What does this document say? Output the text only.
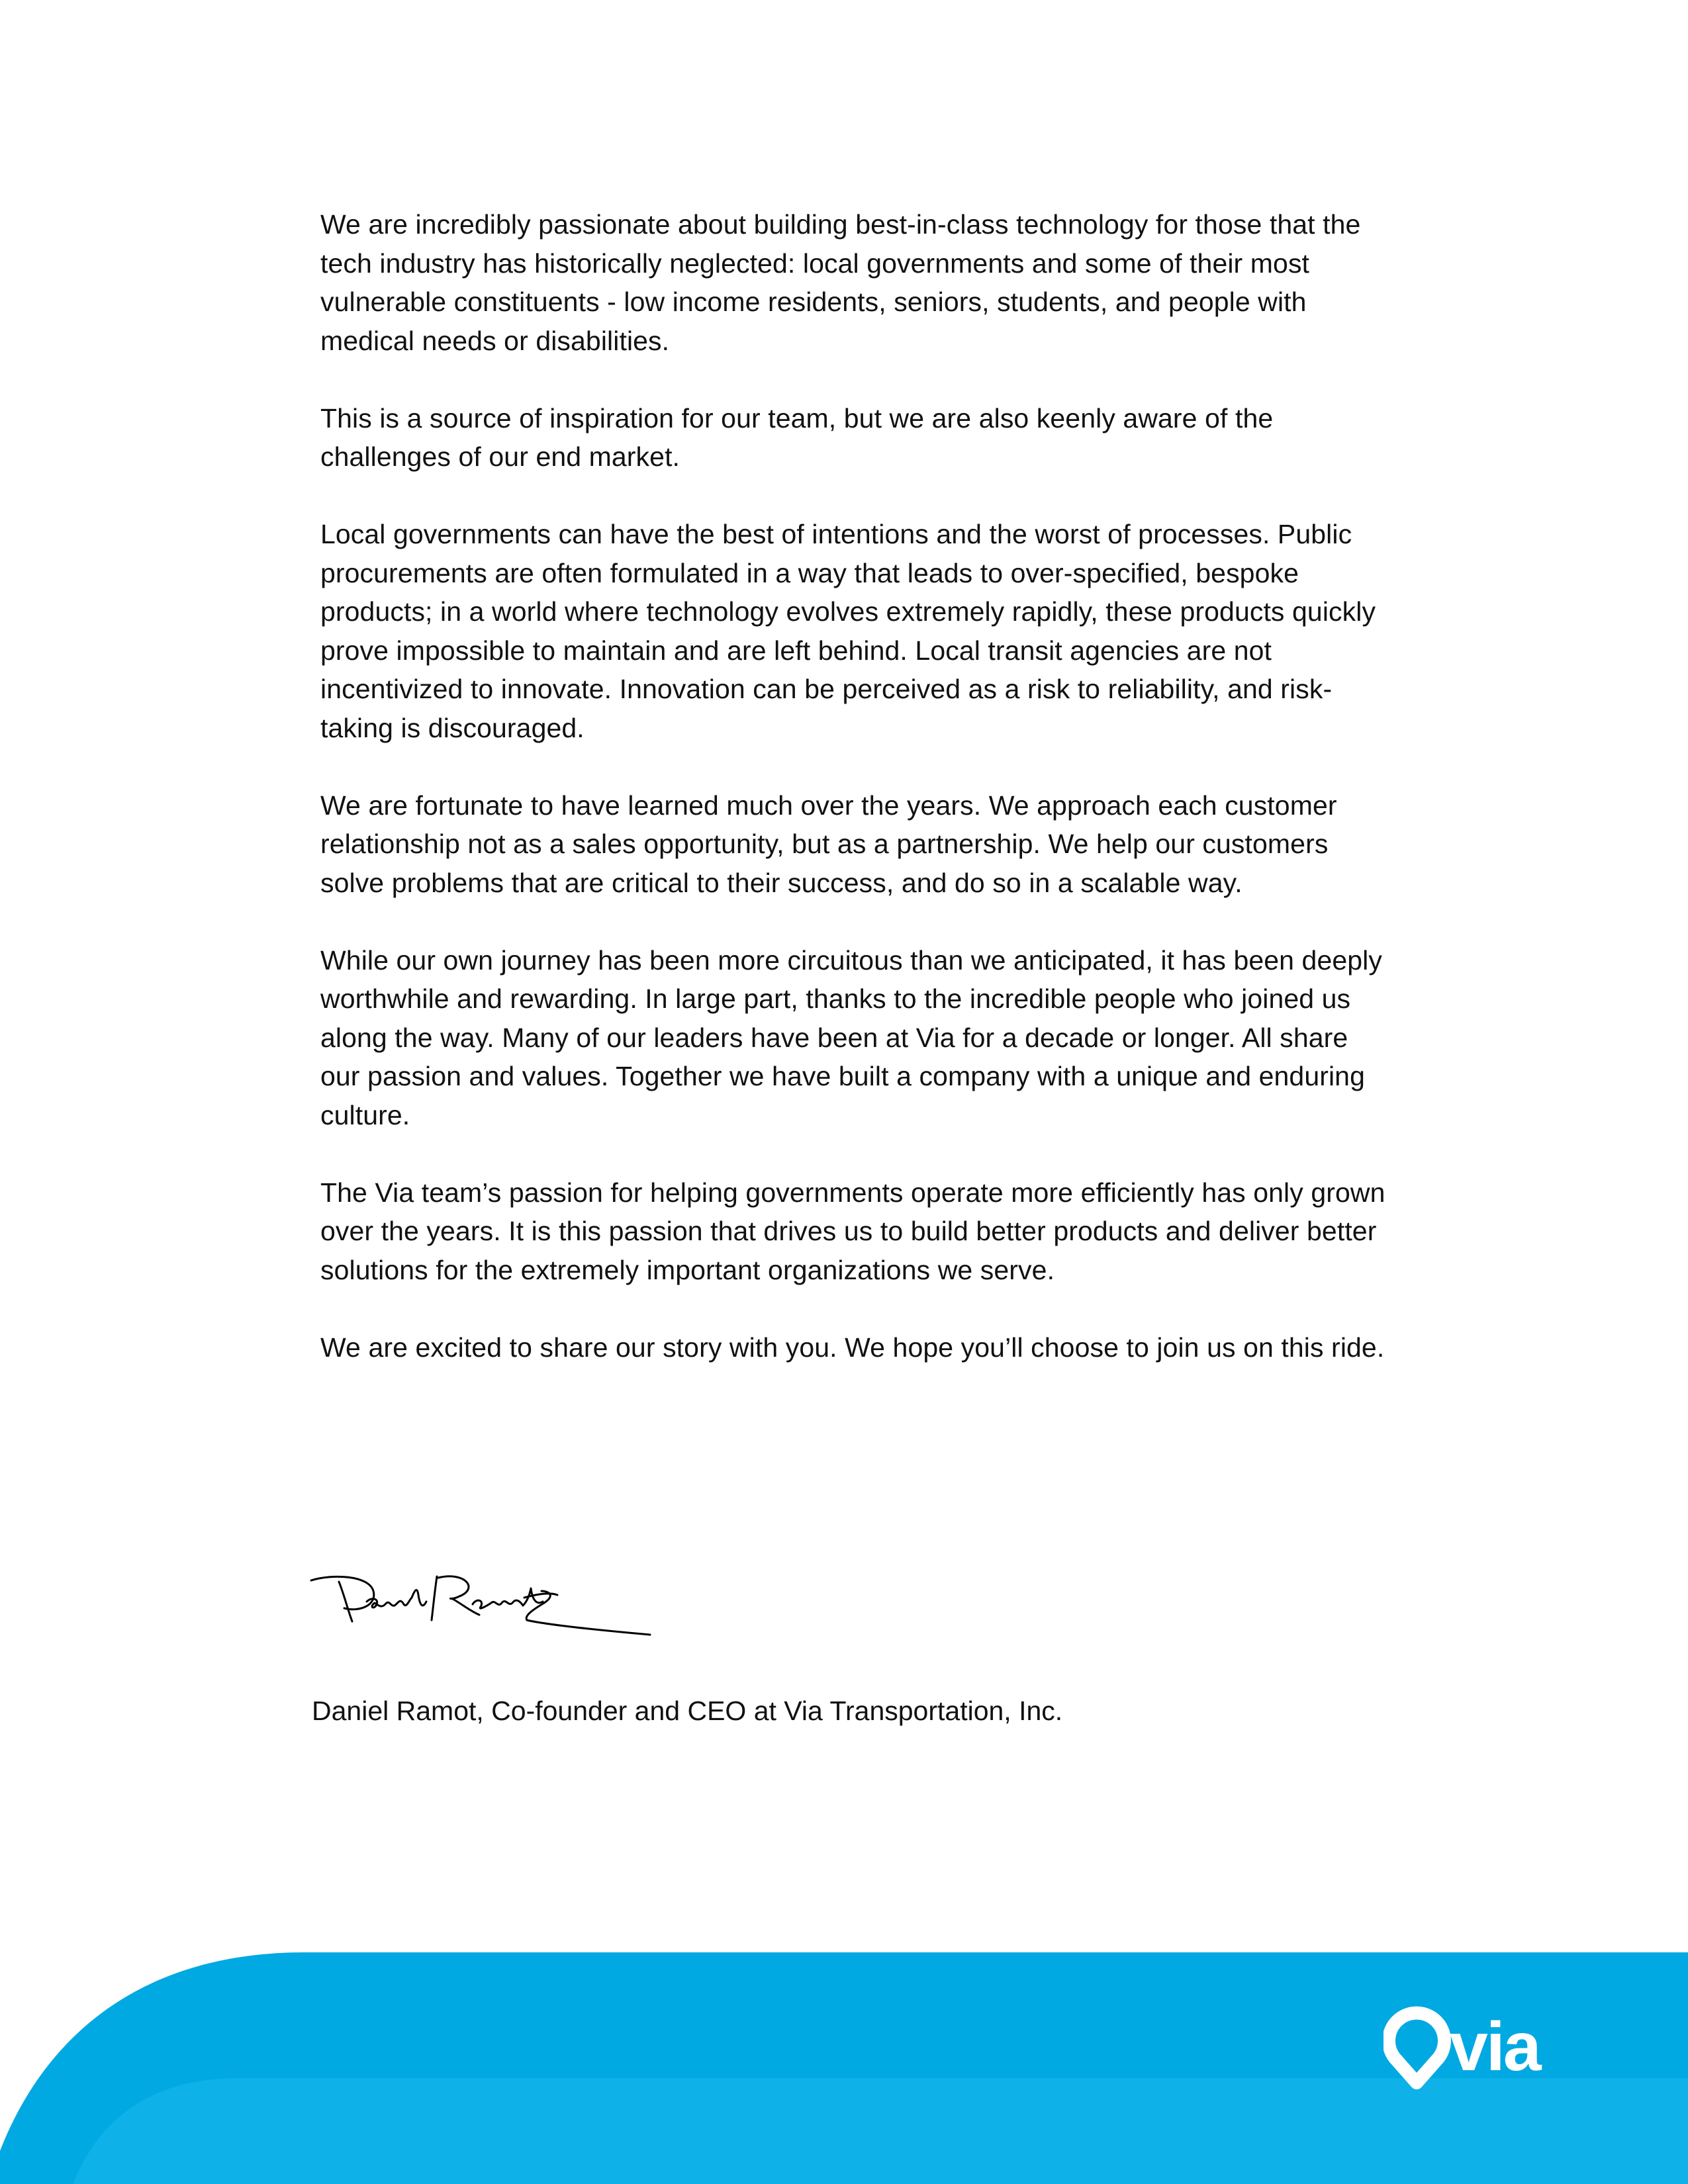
We are incredibly passionate about building best-in-class technology for those that the tech industry has historically neglected: local governments and some of their most vulnerable constituents - low income residents, seniors, students, and people with medical needs or disabilities.

This is a source of inspiration for our team, but we are also keenly aware of the challenges of our end market.

Local governments can have the best of intentions and the worst of processes. Public procurements are often formulated in a way that leads to over-specified, bespoke products; in a world where technology evolves extremely rapidly, these products quickly prove impossible to maintain and are left behind. Local transit agencies are not incentivized to innovate. Innovation can be perceived as a risk to reliability, and risk-taking is discouraged.

We are fortunate to have learned much over the years. We approach each customer relationship not as a sales opportunity, but as a partnership. We help our customers solve problems that are critical to their success, and do so in a scalable way.

While our own journey has been more circuitous than we anticipated, it has been deeply worthwhile and rewarding. In large part, thanks to the incredible people who joined us along the way. Many of our leaders have been at Via for a decade or longer. All share our passion and values. Together we have built a company with a unique and enduring culture.

The Via team’s passion for helping governments operate more efficiently has only grown over the years. It is this passion that drives us to build better products and deliver better solutions for the extremely important organizations we serve.

We are excited to share our story with you. We hope you’ll choose to join us on this ride.

Daniel Ramot, Co-founder and CEO at Via Transportation, Inc.
via
